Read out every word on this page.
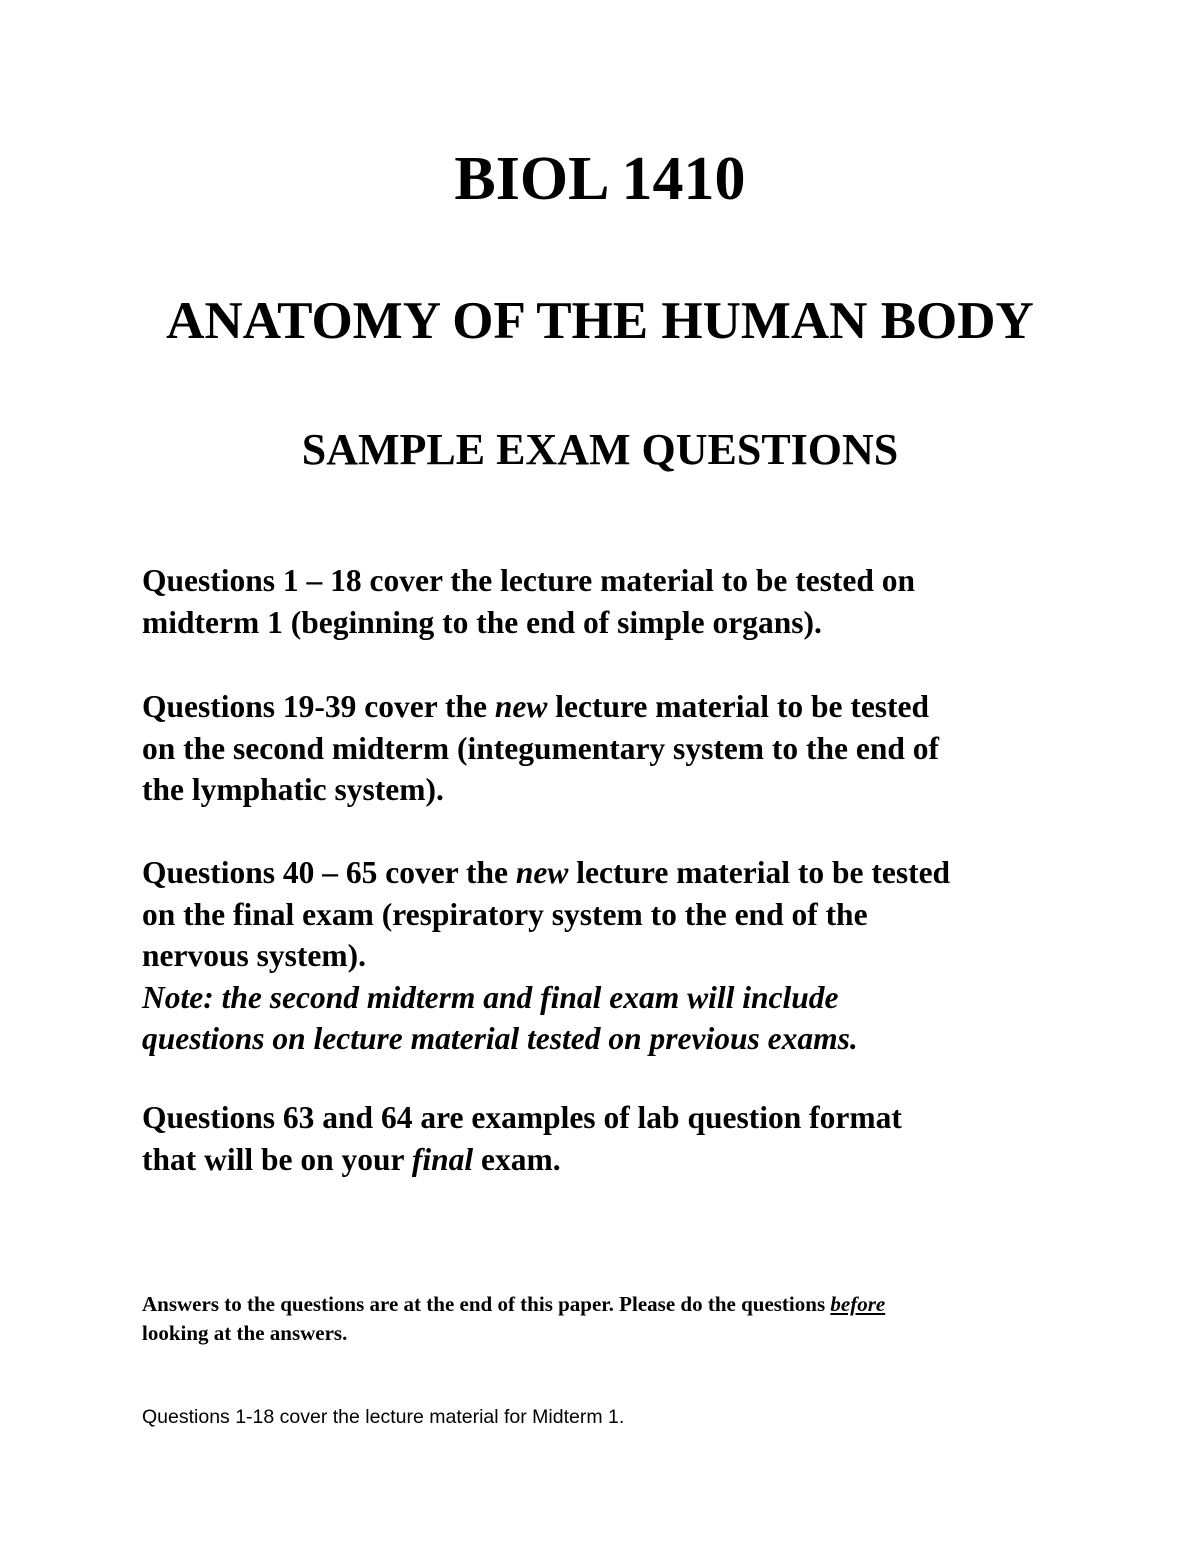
BIOL 1410
ANATOMY OF THE HUMAN BODY
SAMPLE EXAM QUESTIONS

Questions 1 – 18 cover the lecture material to be tested on
midterm 1 (beginning to the end of simple organs).

Questions 19-39 cover the new lecture material to be tested
on the second midterm (integumentary system to the end of
the lymphatic system).

Questions 40 – 65 cover the new lecture material to be tested
on the final exam (respiratory system to the end of the
nervous system).
Note: the second midterm and final exam will include
questions on lecture material tested on previous exams.

Questions 63 and 64 are examples of lab question format
that will be on your final exam.

Answers to the questions are at the end of this paper. Please do the questions before
looking at the answers.

Questions 1-18 cover the lecture material for Midterm 1.
